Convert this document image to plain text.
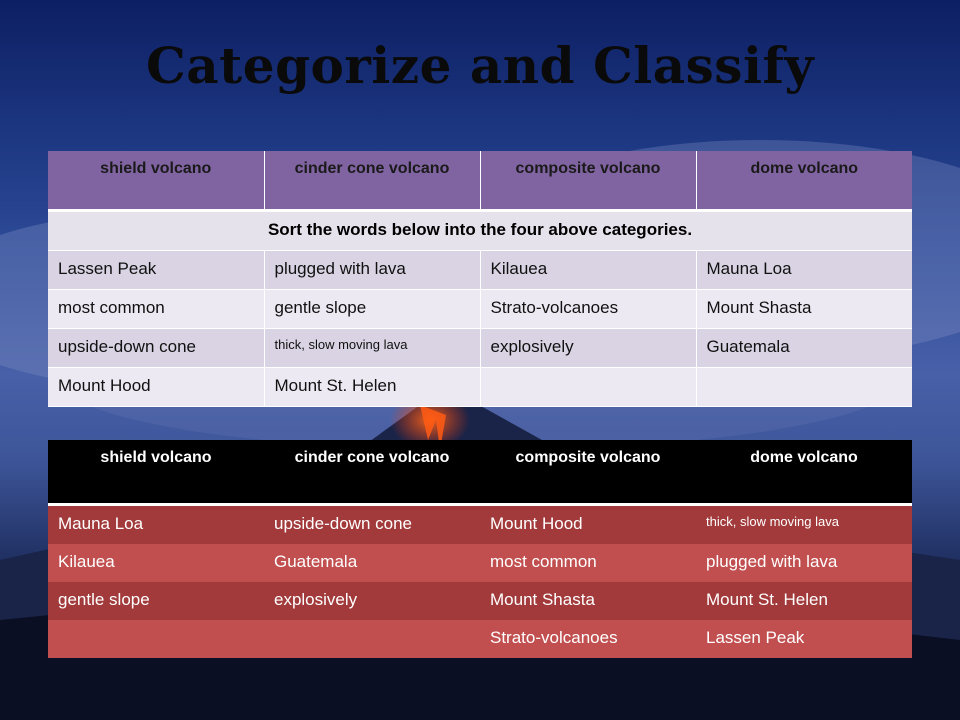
Categorize and Classify
shield volcano	cinder cone volcano	composite volcano	dome volcano
Sort the words below into the four above categories.			
Lassen Peak	plugged with lava	Kilauea	Mauna Loa
most common	gentle slope	Strato-volcanoes	Mount Shasta
upside-down cone	thick, slow moving lava	explosively	Guatemala
Mount Hood	Mount St. Helen		
shield volcano	cinder cone volcano	composite volcano	dome volcano
Mauna Loa	upside-down cone	Mount Hood	thick, slow moving lava
Kilauea	Guatemala	most common	plugged with lava
gentle slope	explosively	Mount Shasta	Mount St. Helen
		Strato-volcanoes	Lassen Peak
